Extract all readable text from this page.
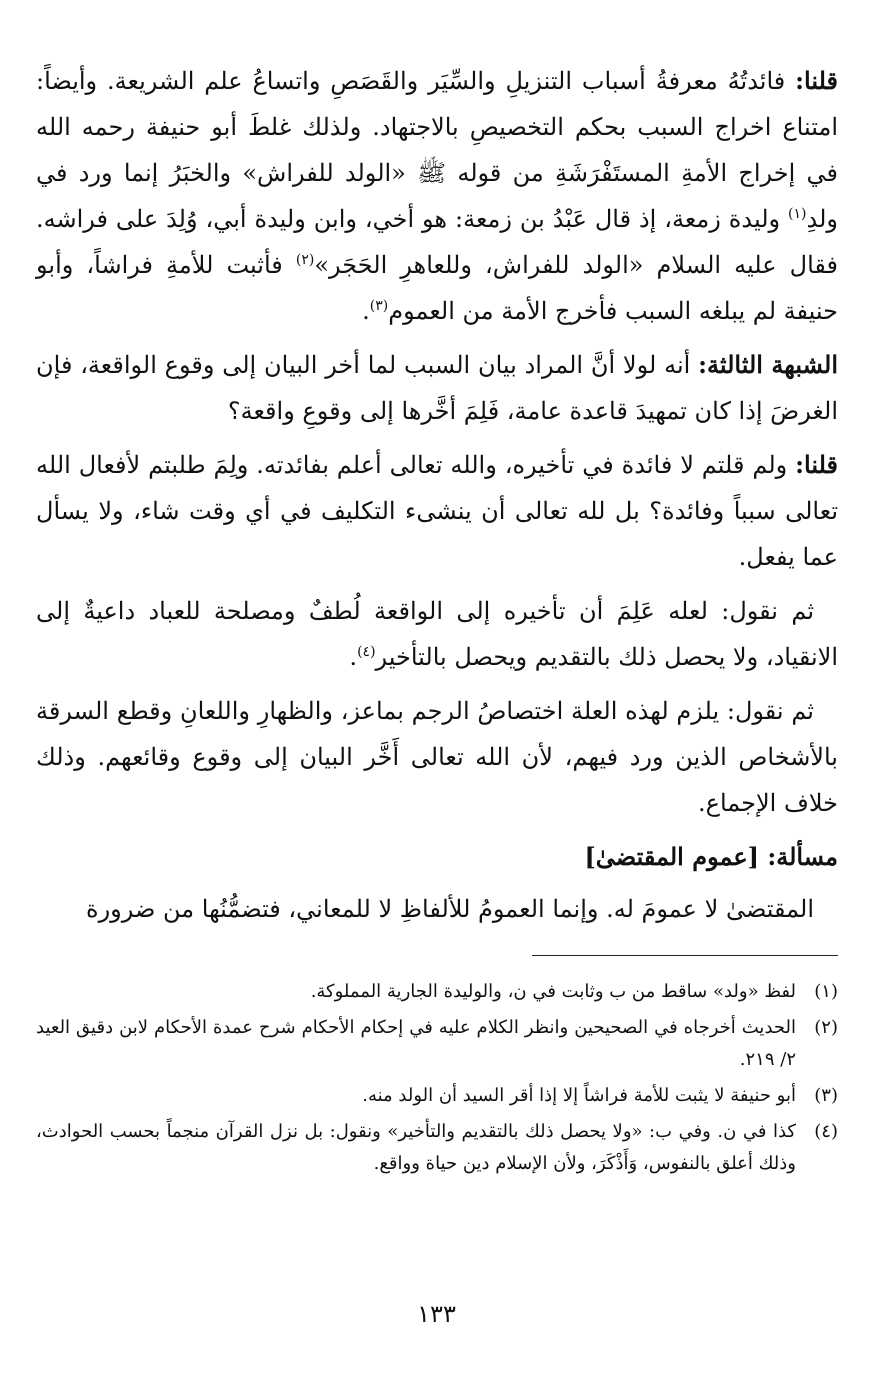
قلنا: فائدتُهُ معرفةُ أسباب التنزيلِ والسِّيَر والقَصَصِ واتساعُ علم الشريعة. وأيضاً: امتناع اخراج السبب بحكم التخصيصِ بالاجتهاد. ولذلك غلطَ أبو حنيفة رحمه الله في إخراج الأمةِ المستَفْرَشَةِ من قوله ﷺ «الولد للفراش» والخبَرُ إنما ورد في ولدِ$^{(١)}$ وليدة زمعة، إذ قال عَبْدُ بن زمعة: هو أخي، وابن وليدة أبي، وُلِدَ على فراشه. فقال عليه السلام «الولد للفراش، وللعاهرِ الحَجَر»$^{(٢)}$ فأثبت للأمةِ فراشاً، وأبو حنيفة لم يبلغه السبب فأخرج الأمة من العموم$^{(٣)}$.

الشبهة الثالثة: أنه لولا أنَّ المراد بيان السبب لما أخر البيان إلى وقوع الواقعة، فإن الغرضَ إذا كان تمهيدَ قاعدة عامة، فَلِمَ أخَّرها إلى وقوعِ واقعة؟

قلنا: ولم قلتم لا فائدة في تأخيره، والله تعالى أعلم بفائدته. ولِمَ طلبتم لأفعال الله تعالى سبباً وفائدة؟ بل لله تعالى أن ينشىء التكليف في أي وقت شاء، ولا يسأل عما يفعل.

ثم نقول: لعله عَلِمَ أن تأخيره إلى الواقعة لُطفٌ ومصلحة للعباد داعيةٌ إلى الانقياد، ولا يحصل ذلك بالتقديم ويحصل بالتأخير$^{(٤)}$.

ثم نقول: يلزم لهذه العلة اختصاصُ الرجم بماعز، والظهارِ واللعانِ وقطع السرقة بالأشخاص الذين ورد فيهم، لأن الله تعالى أَخَّر البيان إلى وقوع وقائعهم. وذلك خلاف الإجماع.

مسألة: [عموم المقتضىٰ]

المقتضىٰ لا عمومَ له. وإنما العمومُ للألفاظِ لا للمعاني، فتضمُّنُها من ضرورة

(١)
لفظ «ولد» ساقط من ب وثابت في ن، والوليدة الجارية المملوكة.
(٢)
الحديث أخرجاه في الصحيحين وانظر الكلام عليه في إحكام الأحكام شرح عمدة الأحكام لابن دقيق العيد ٢/ ٢١٩.
(٣)
أبو حنيفة لا يثبت للأمة فراشاً إلا إذا أقر السيد أن الولد منه.
(٤)
كذا في ن. وفي ب: «ولا يحصل ذلك بالتقديم والتأخير» ونقول: بل نزل القرآن منجماً بحسب الحوادث، وذلك أعلق بالنفوس، وَأَذْكَرَ، ولأن الإسلام دين حياة وواقع.
١٣٣
